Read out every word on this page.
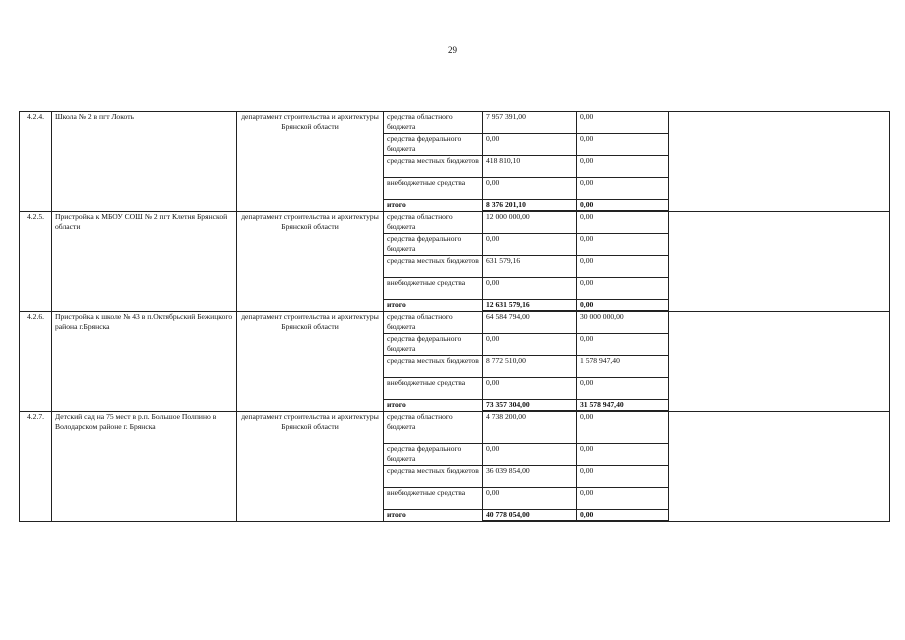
29
4.2.4.	Школа № 2 в пгт Локоть	департамент строительства и архитектуры Брянской области	средства областного бюджета	7 957 391,00	0,00	
			средства федерального бюджета	0,00	0,00	
			средства местных бюджетов	418 810,10	0,00	
			внебюджетные средства	0,00	0,00	
			итого	8 376 201,10	0,00	
4.2.5.	Пристройка к МБОУ СОШ № 2 пгт Клетня Брянской области	департамент строительства и архитектуры Брянской области	средства областного бюджета	12 000 000,00	0,00	
			средства федерального бюджета	0,00	0,00	
			средства местных бюджетов	631 579,16	0,00	
			внебюджетные средства	0,00	0,00	
			итого	12 631 579,16	0,00	
4.2.6.	Пристройка к школе № 43 в п.Октябрьский Бежицкого района г.Брянска	департамент строительства и архитектуры Брянской области	средства областного бюджета	64 584 794,00	30 000 000,00	
			средства федерального бюджета	0,00	0,00	
			средства местных бюджетов	8 772 510,00	1 578 947,40	
			внебюджетные средства	0,00	0,00	
			итого	73 357 304,00	31 578 947,40	
4.2.7.	Детский сад на 75 мест в р.п. Большое Полпино в Володарском районе г. Брянска	департамент строительства и архитектуры Брянской области	средства областного бюджета	4 738 200,00	0,00	
			средства федерального бюджета	0,00	0,00	
			средства местных бюджетов	36 039 854,00	0,00	
			внебюджетные средства	0,00	0,00	
			итого	40 778 054,00	0,00	
